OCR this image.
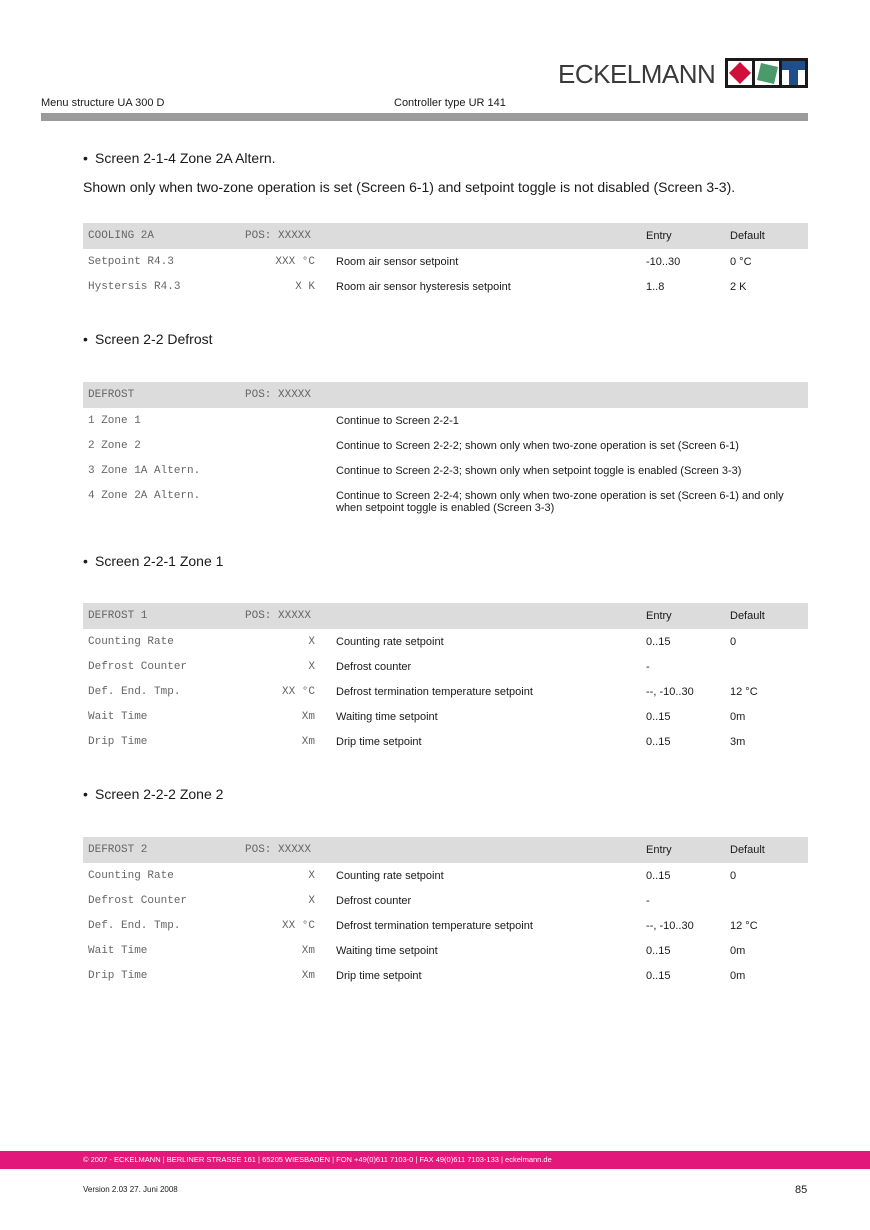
ECKELMANN
Menu structure UA 300 D	Controller type UR 141
• Screen 2-1-4 Zone 2A Altern.
Shown only when two-zone operation is set (Screen 6-1) and setpoint toggle is not disabled (Screen 3-3).
COOLING 2A	POS: XXXXX	Entry	Default
Setpoint R4.3	XXX °C Room air sensor setpoint	-10..30	0 °C
Hystersis R4.3	X K Room air sensor hysteresis setpoint	1..8	2 K
• Screen 2-2 Defrost
DEFROST	POS: XXXXX
1 Zone 1	Continue to Screen 2-2-1
2 Zone 2	Continue to Screen 2-2-2; shown only when two-zone operation is set (Screen 6-1)
3 Zone 1A Altern.	Continue to Screen 2-2-3; shown only when setpoint toggle is enabled (Screen 3-3)
4 Zone 2A Altern.	Continue to Screen 2-2-4; shown only when two-zone operation is set (Screen 6-1) and only when setpoint toggle is enabled (Screen 3-3)
• Screen 2-2-1 Zone 1
DEFROST 1	POS: XXXXX	Entry	Default
Counting Rate	X Counting rate setpoint	0..15	0
Defrost Counter	X Defrost counter	-
Def. End. Tmp.	XX °C Defrost termination temperature setpoint	--, -10..30	12 °C
Wait Time	Xm Waiting time setpoint	0..15	0m
Drip Time	Xm Drip time setpoint	0..15	3m
• Screen 2-2-2 Zone 2
DEFROST 2	POS: XXXXX	Entry	Default
Counting Rate	X Counting rate setpoint	0..15	0
Defrost Counter	X Defrost counter	-
Def. End. Tmp.	XX °C Defrost termination temperature setpoint	--, -10..30	12 °C
Wait Time	Xm Waiting time setpoint	0..15	0m
Drip Time	Xm Drip time setpoint	0..15	0m
© 2007 - ECKELMANN | BERLINER STRASSE 161 | 65205 WIESBADEN | FON +49(0)611 7103-0 | FAX 49(0)611 7103-133 | eckelmann.de
Version 2.03 27. Juni 2008	85
